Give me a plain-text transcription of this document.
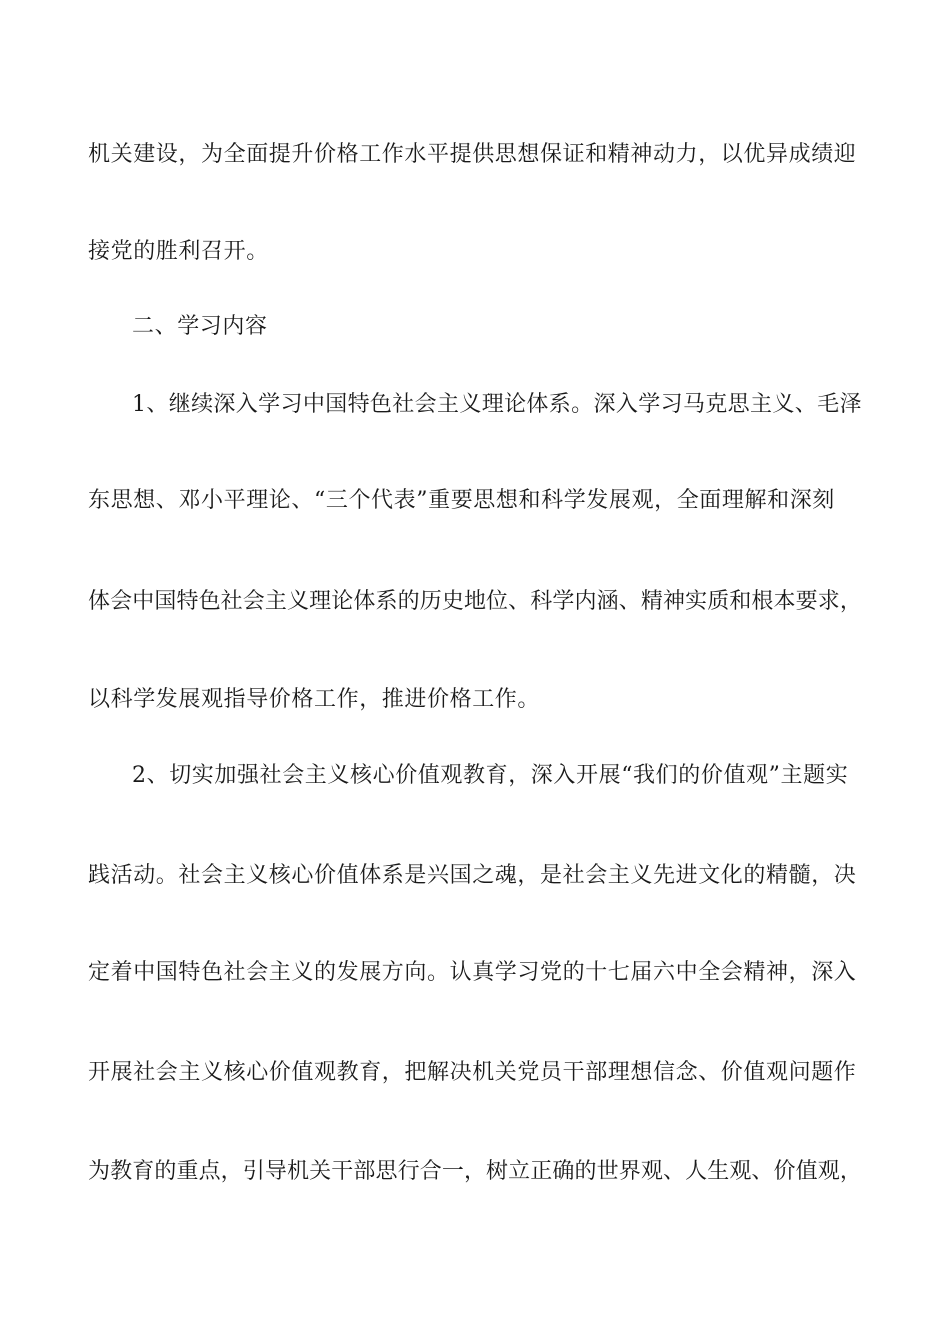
机关建设，为全面提升价格工作水平提供思想保证和精神动力，以优异成绩迎
接党的胜利召开。
二、学习内容
1、继续深入学习中国特色社会主义理论体系。深入学习马克思主义、毛泽
东思想、邓小平理论、“三个代表”重要思想和科学发展观，全面理解和深刻
体会中国特色社会主义理论体系的历史地位、科学内涵、精神实质和根本要求，
以科学发展观指导价格工作，推进价格工作。
2、切实加强社会主义核心价值观教育，深入开展“我们的价值观”主题实
践活动。社会主义核心价值体系是兴国之魂，是社会主义先进文化的精髓，决
定着中国特色社会主义的发展方向。认真学习党的十七届六中全会精神，深入
开展社会主义核心价值观教育，把解决机关党员干部理想信念、价值观问题作
为教育的重点，引导机关干部思行合一，树立正确的世界观、人生观、价值观，
